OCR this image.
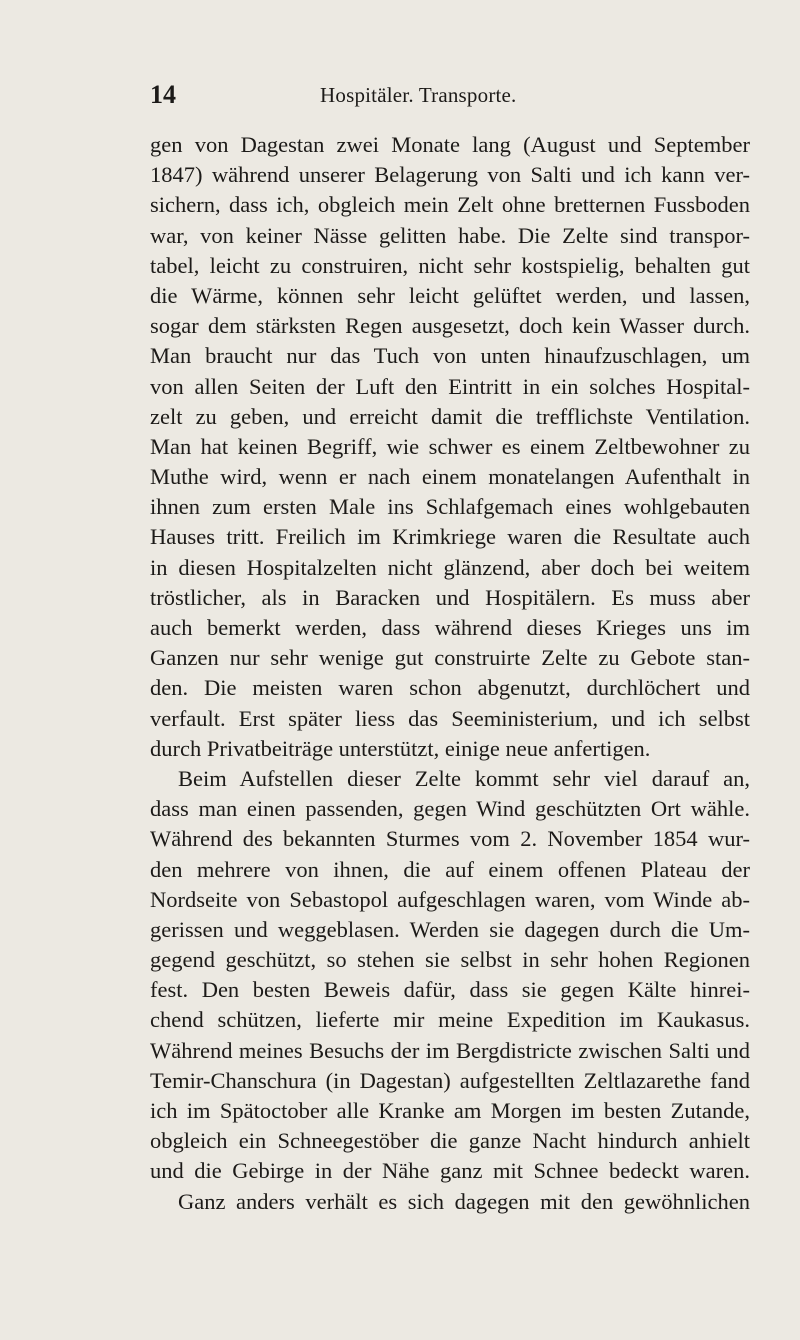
14	Hospitäler. Transporte.
gen von Dagestan zwei Monate lang (August und September
1847) während unserer Belagerung von Salti und ich kann ver-
sichern, dass ich, obgleich mein Zelt ohne bretternen Fussboden
war, von keiner Nässe gelitten habe. Die Zelte sind transpor-
tabel, leicht zu construiren, nicht sehr kostspielig, behalten gut
die Wärme, können sehr leicht gelüftet werden, und lassen,
sogar dem stärksten Regen ausgesetzt, doch kein Wasser durch.
Man braucht nur das Tuch von unten hinaufzuschlagen, um
von allen Seiten der Luft den Eintritt in ein solches Hospital-
zelt zu geben, und erreicht damit die trefflichste Ventilation.
Man hat keinen Begriff, wie schwer es einem Zeltbewohner zu
Muthe wird, wenn er nach einem monatelangen Aufenthalt in
ihnen zum ersten Male ins Schlafgemach eines wohlgebauten
Hauses tritt. Freilich im Krimkriege waren die Resultate auch
in diesen Hospitalzelten nicht glänzend, aber doch bei weitem
tröstlicher, als in Baracken und Hospitälern. Es muss aber
auch bemerkt werden, dass während dieses Krieges uns im
Ganzen nur sehr wenige gut construirte Zelte zu Gebote stan-
den. Die meisten waren schon abgenutzt, durchlöchert und
verfault. Erst später liess das Seeministerium, und ich selbst
durch Privatbeiträge unterstützt, einige neue anfertigen.
Beim Aufstellen dieser Zelte kommt sehr viel darauf an,
dass man einen passenden, gegen Wind geschützten Ort wähle.
Während des bekannten Sturmes vom 2. November 1854 wur-
den mehrere von ihnen, die auf einem offenen Plateau der
Nordseite von Sebastopol aufgeschlagen waren, vom Winde ab-
gerissen und weggeblasen. Werden sie dagegen durch die Um-
gegend geschützt, so stehen sie selbst in sehr hohen Regionen
fest. Den besten Beweis dafür, dass sie gegen Kälte hinrei-
chend schützen, lieferte mir meine Expedition im Kaukasus.
Während meines Besuchs der im Bergdistricte zwischen Salti und
Temir-Chanschura (in Dagestan) aufgestellten Zeltlazarethe fand
ich im Spätoctober alle Kranke am Morgen im besten Zutande,
obgleich ein Schneegestöber die ganze Nacht hindurch anhielt
und die Gebirge in der Nähe ganz mit Schnee bedeckt waren.
Ganz anders verhält es sich dagegen mit den gewöhnlichen
